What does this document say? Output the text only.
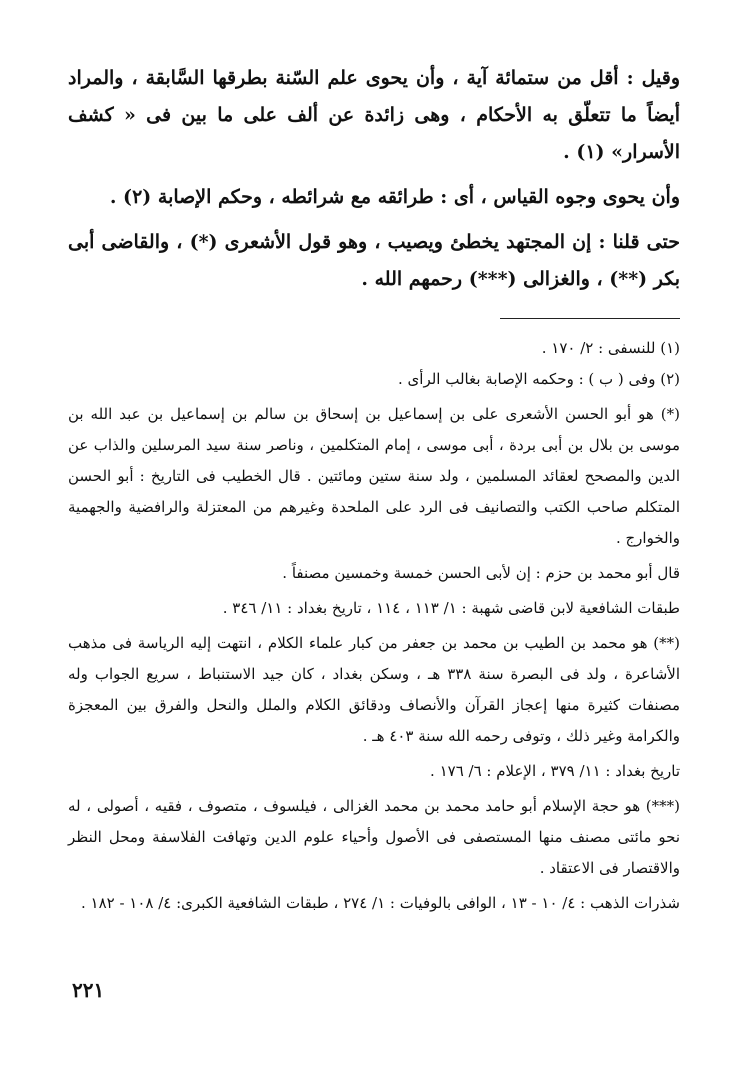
وقيل : أقل من ستمائة آية ، وأن يحوى علم السّنة بطرقها السَّابقة ، والمراد أيضاً ما تتعلّق به الأحكام ، وهى زائدة عن ألف على ما بين فى « كشف الأسرار» (١) .

وأن يحوى وجوه القياس ، أى : طرائقه مع شرائطه ، وحكم الإصابة (٢) .

حتى قلنا : إن المجتهد يخطئ ويصيب ، وهو قول الأشعرى (*) ، والقاضى أبى بكر (**) ، والغزالى (***) رحمهم الله .

(١) للنسفى : ٢/ ١٧٠ .

(٢) وفى ( ب ) : وحكمه الإصابة بغالب الرأى .

(*) هو أبو الحسن الأشعرى على بن إسماعيل بن إسحاق بن سالم بن إسماعيل بن عبد الله بن موسى بن بلال بن أبى بردة ، أبى موسى ، إمام المتكلمين ، وناصر سنة سيد المرسلين والذاب عن الدين والمصحح لعقائد المسلمين ، ولد سنة ستين ومائتين . قال الخطيب فى التاريخ : أبو الحسن المتكلم صاحب الكتب والتصانيف فى الرد على الملحدة وغيرهم من المعتزلة والرافضية والجهمية والخوارج .

قال أبو محمد بن حزم : إن لأبى الحسن خمسة وخمسين مصنفاً .

طبقات الشافعية لابن قاضى شهبة : ١/ ١١٣ ، ١١٤ ، تاريخ بغداد : ١١/ ٣٤٦ .

(**) هو محمد بن الطيب بن محمد بن جعفر من كبار علماء الكلام ، انتهت إليه الرياسة فى مذهب الأشاعرة ، ولد فى البصرة سنة ٣٣٨ هـ ، وسكن بغداد ، كان جيد الاستنباط ، سريع الجواب وله مصنفات كثيرة منها إعجاز القرآن والأنصاف ودقائق الكلام والملل والنحل والفرق بين المعجزة والكرامة وغير ذلك ، وتوفى رحمه الله سنة ٤٠٣ هـ .

تاريخ بغداد : ١١/ ٣٧٩ ، الإعلام : ٦/ ١٧٦ .

(***) هو حجة الإسلام أبو حامد محمد بن محمد الغزالى ، فيلسوف ، متصوف ، فقيه ، أصولى ، له نحو مائتى مصنف منها المستصفى فى الأصول وأحياء علوم الدين وتهافت الفلاسفة ومحل النظر والاقتصار فى الاعتقاد .

شذرات الذهب : ٤/ ١٠ - ١٣ ، الوافى بالوفيات : ١/ ٢٧٤ ، طبقات الشافعية الكبرى: ٤/ ١٠٨ - ١٨٢ .

٢٢١
